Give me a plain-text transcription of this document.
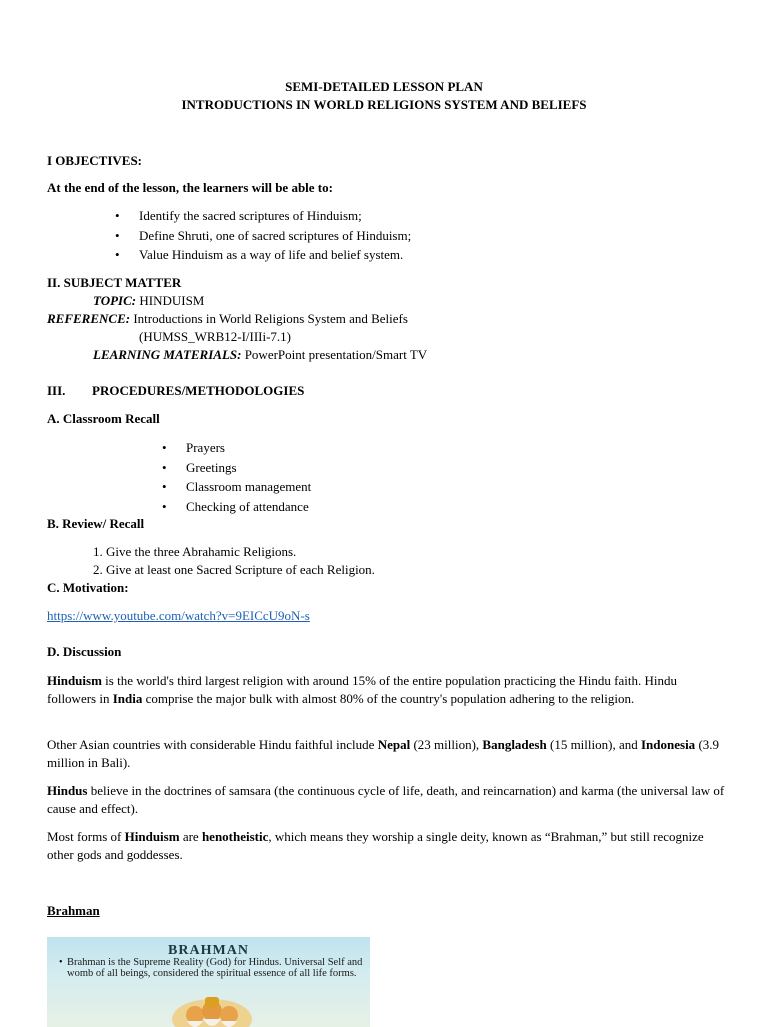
SEMI-DETAILED LESSON PLAN
INTRODUCTIONS IN WORLD RELIGIONS SYSTEM AND BELIEFS
I OBJECTIVES:
At the end of the lesson, the learners will be able to:
• Identify the sacred scriptures of Hinduism;
• Define Shruti, one of sacred scriptures of Hinduism;
• Value Hinduism as a way of life and belief system.
II. SUBJECT MATTER
TOPIC: HINDUISM
REFERENCE: Introductions in World Religions System and Beliefs
(HUMSS_WRB12-I/IIIi-7.1)
LEARNING MATERIALS: PowerPoint presentation/Smart TV
III. PROCEDURES/METHODOLOGIES
A. Classroom Recall
• Prayers
• Greetings
• Classroom management
• Checking of attendance
B. Review/ Recall
1. Give the three Abrahamic Religions.
2. Give at least one Sacred Scripture of each Religion.
C. Motivation:
https://www.youtube.com/watch?v=9EICcU9oN-s
D. Discussion
Hinduism is the world's third largest religion with around 15% of the entire population practicing the Hindu faith. Hindu followers in India comprise the major bulk with almost 80% of the country's population adhering to the religion.
Other Asian countries with considerable Hindu faithful include Nepal (23 million), Bangladesh (15 million), and Indonesia (3.9 million in Bali).
Hindus believe in the doctrines of samsara (the continuous cycle of life, death, and reincarnation) and karma (the universal law of cause and effect).
Most forms of Hinduism are henotheistic, which means they worship a single deity, known as “Brahman,” but still recognize other gods and goddesses.
Brahman
BRAHMAN
• Brahman is the Supreme Reality (God) for Hindus. Universal Self and womb of all beings, considered the spiritual essence of all life forms.
